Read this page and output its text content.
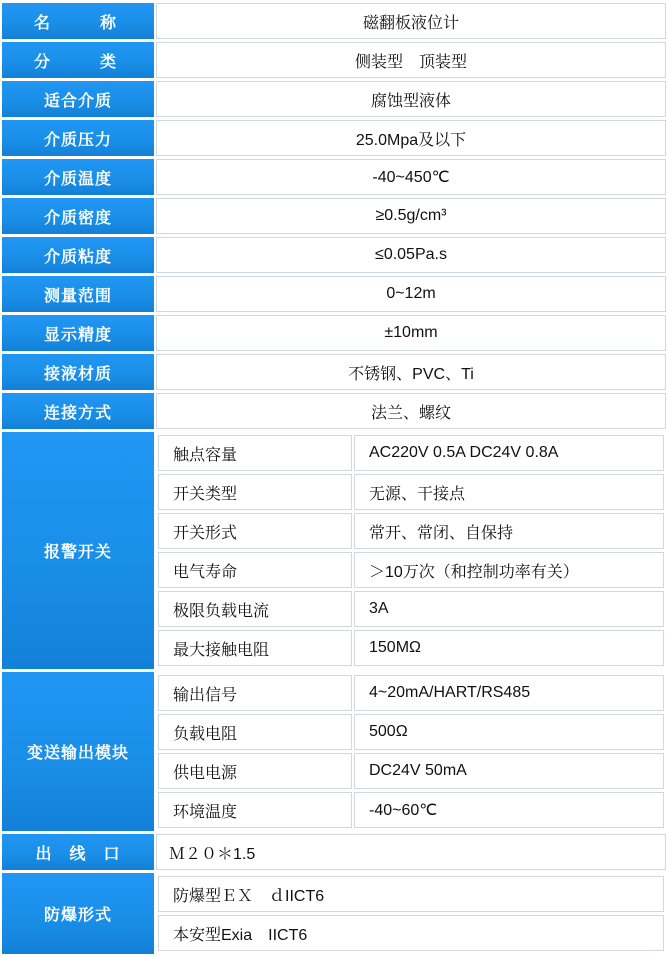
名　　称	磁翻板液位计
分　　类	侧装型　顶装型
适合介质	腐蚀型液体
介质压力	25.0Mpa及以下
介质温度	-40~450℃
介质密度	≥0.5g/cm³
介质粘度	≤0.05Pa.s
测量范围	0~12m
显示精度	±10mm
接液材质	不锈钢、PVC、Ti
连接方式	法兰、螺纹
报警开关	
触点容量	AC220V 0.5A DC24V 0.8A
开关类型	无源、干接点
开关形式	常开、常闭、自保持
电气寿命	＞10万次（和控制功率有关）
极限负载电流	3A
最大接触电阻	150MΩ

变送输出模块	
输出信号	4~20mA/HART/RS485
负载电阻	500Ω
供电电源	DC24V 50mA
环境温度	-40~60℃

出　线　口	Ｍ２０＊1.5
防爆形式	
防爆型ＥＸ　ｄIICT6
本安型Exia　IICT6
